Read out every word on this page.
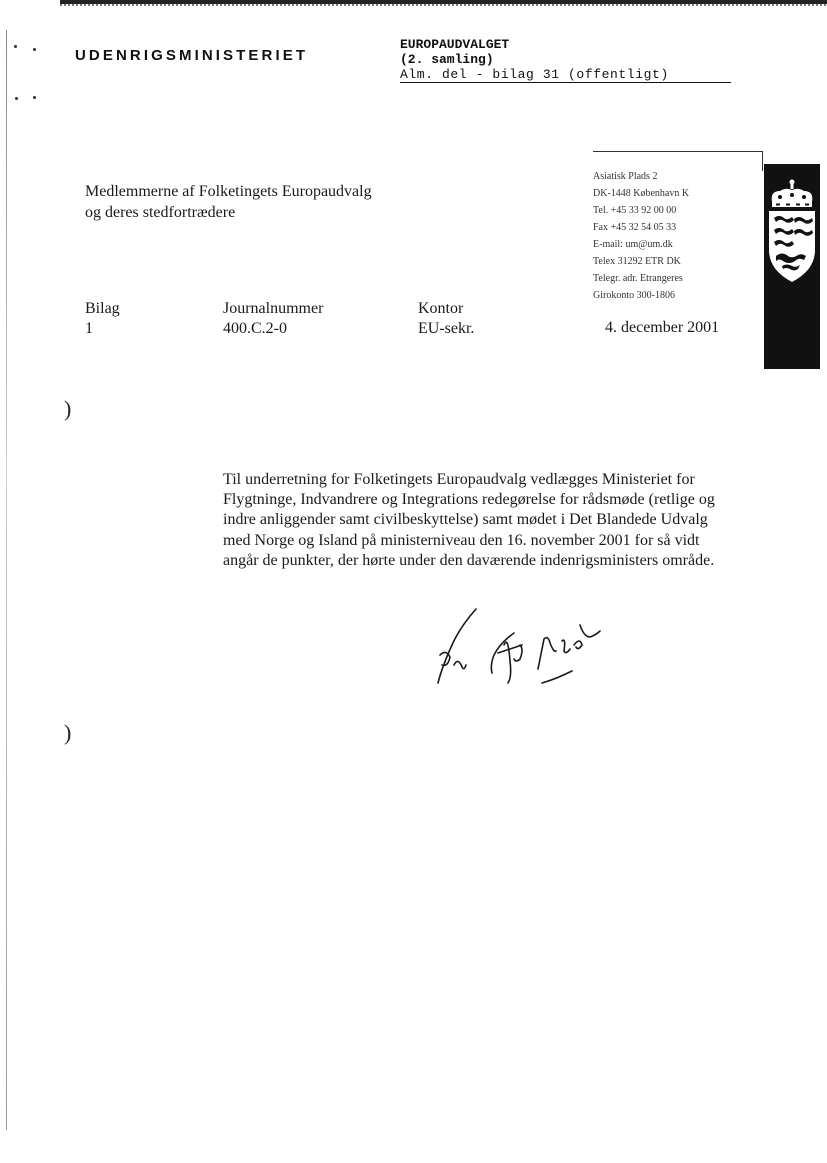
UDENRIGSMINISTERIET
EUROPAUDVALGET
(2. samling)
Alm. del - bilag 31 (offentligt)
Medlemmerne af Folketingets Europaudvalg
og deres stedfortrædere
Asiatisk Plads 2
DK-1448 København K
Tel. +45 33 92 00 00
Fax +45 32 54 05 33
E-mail: um@um.dk
Telex 31292 ETR DK
Telegr. adr. Etrangeres
Girokonto 300-1806
Bilag
1
Journalnummer
400.C.2-0
Kontor
EU-sekr.	4. december 2001
)
)
Til underretning for Folketingets Europaudvalg vedlægges Ministeriet for
Flygtninge, Indvandrere og Integrations redegørelse for rådsmøde (retlige og
indre anliggender samt civilbeskyttelse) samt mødet i Det Blandede Udvalg
med Norge og Island på ministerniveau den 16. november 2001 for så vidt
angår de punkter, der hørte under den daværende indenrigsministers område.
